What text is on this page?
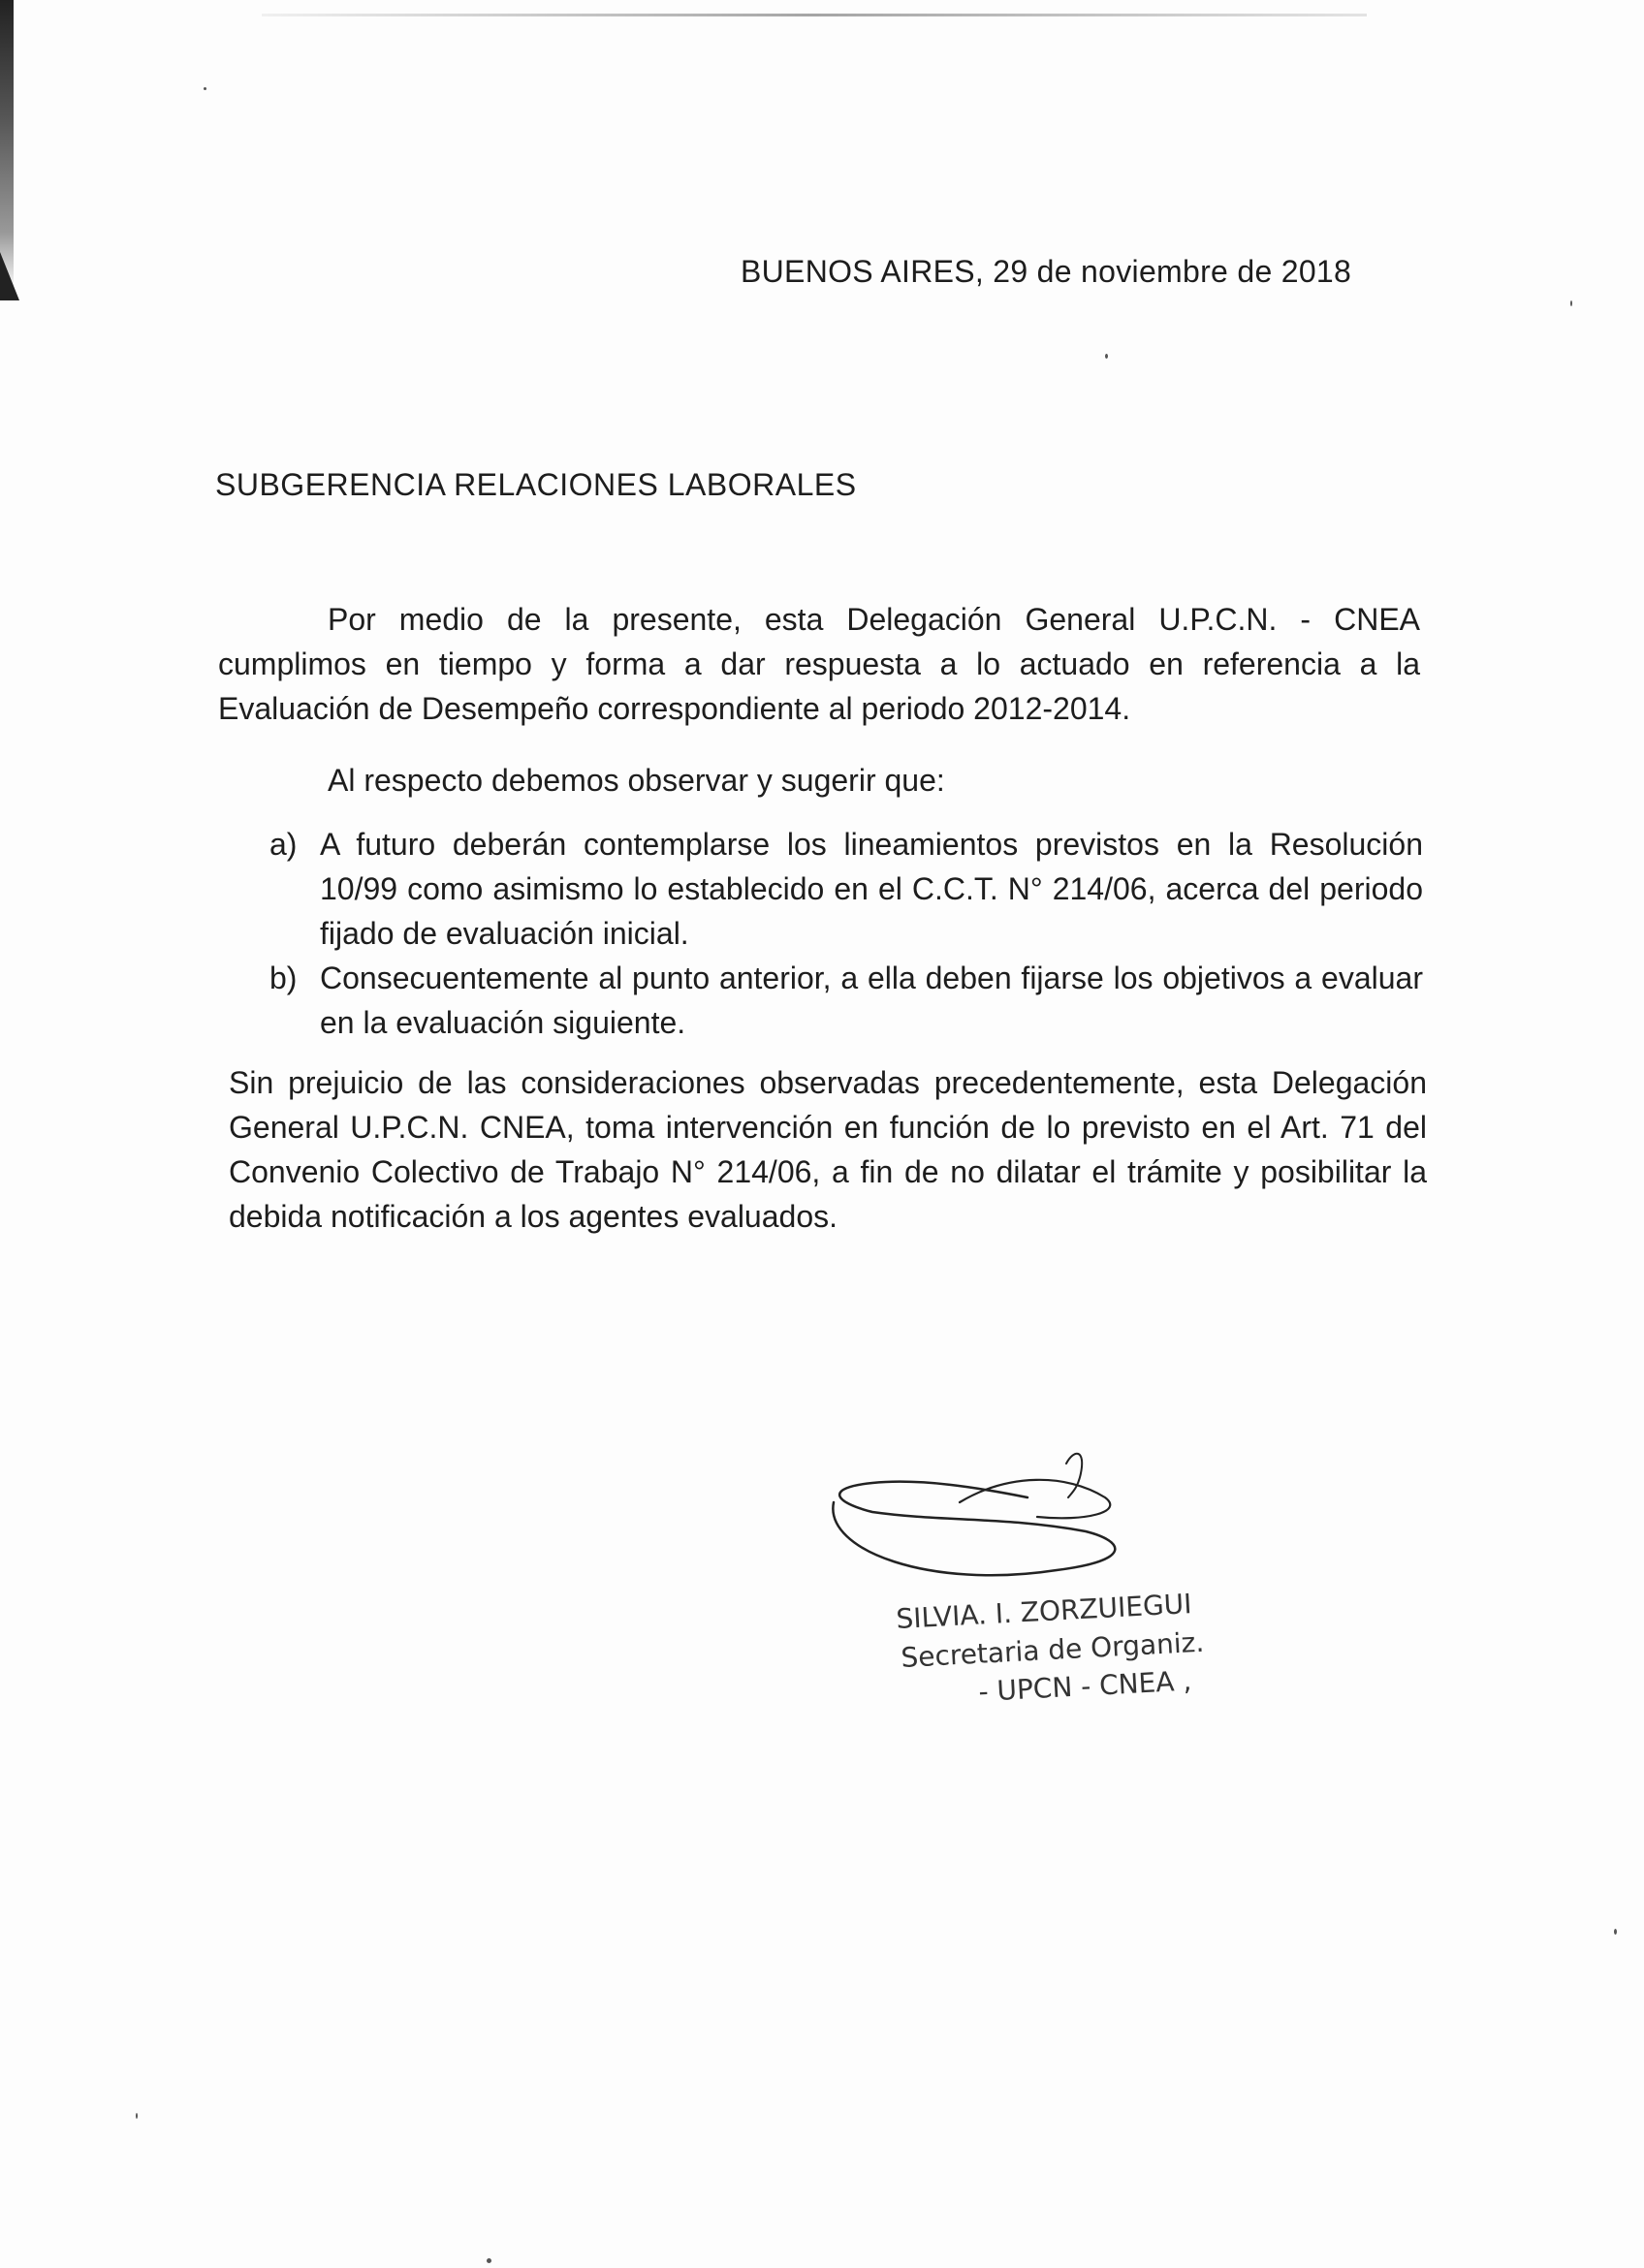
BUENOS AIRES, 29 de noviembre de 2018
SUBGERENCIA RELACIONES LABORALES
Por medio de la presente, esta Delegación General U.P.C.N. - CNEA cumplimos en tiempo y forma a dar respuesta a lo actuado en referencia a la Evaluación de Desempeño correspondiente al periodo 2012-2014.
Al respecto debemos observar y sugerir que:
a) A futuro deberán contemplarse los lineamientos previstos en la Resolución 10/99 como asimismo lo establecido en el C.C.T. N° 214/06, acerca del periodo fijado de evaluación inicial.
b) Consecuentemente al punto anterior, a ella deben fijarse los objetivos a evaluar en la evaluación siguiente.
Sin prejuicio de las consideraciones observadas precedentemente, esta Delegación General U.P.C.N. CNEA, toma intervención en función de lo previsto en el Art. 71 del Convenio Colectivo de Trabajo N° 214/06, a fin de no dilatar el trámite y posibilitar la debida notificación a los agentes evaluados.
SILVIA. I. ZORZUIEGUI
Secretaria de Organiz.
- UPCN - CNEA ,
